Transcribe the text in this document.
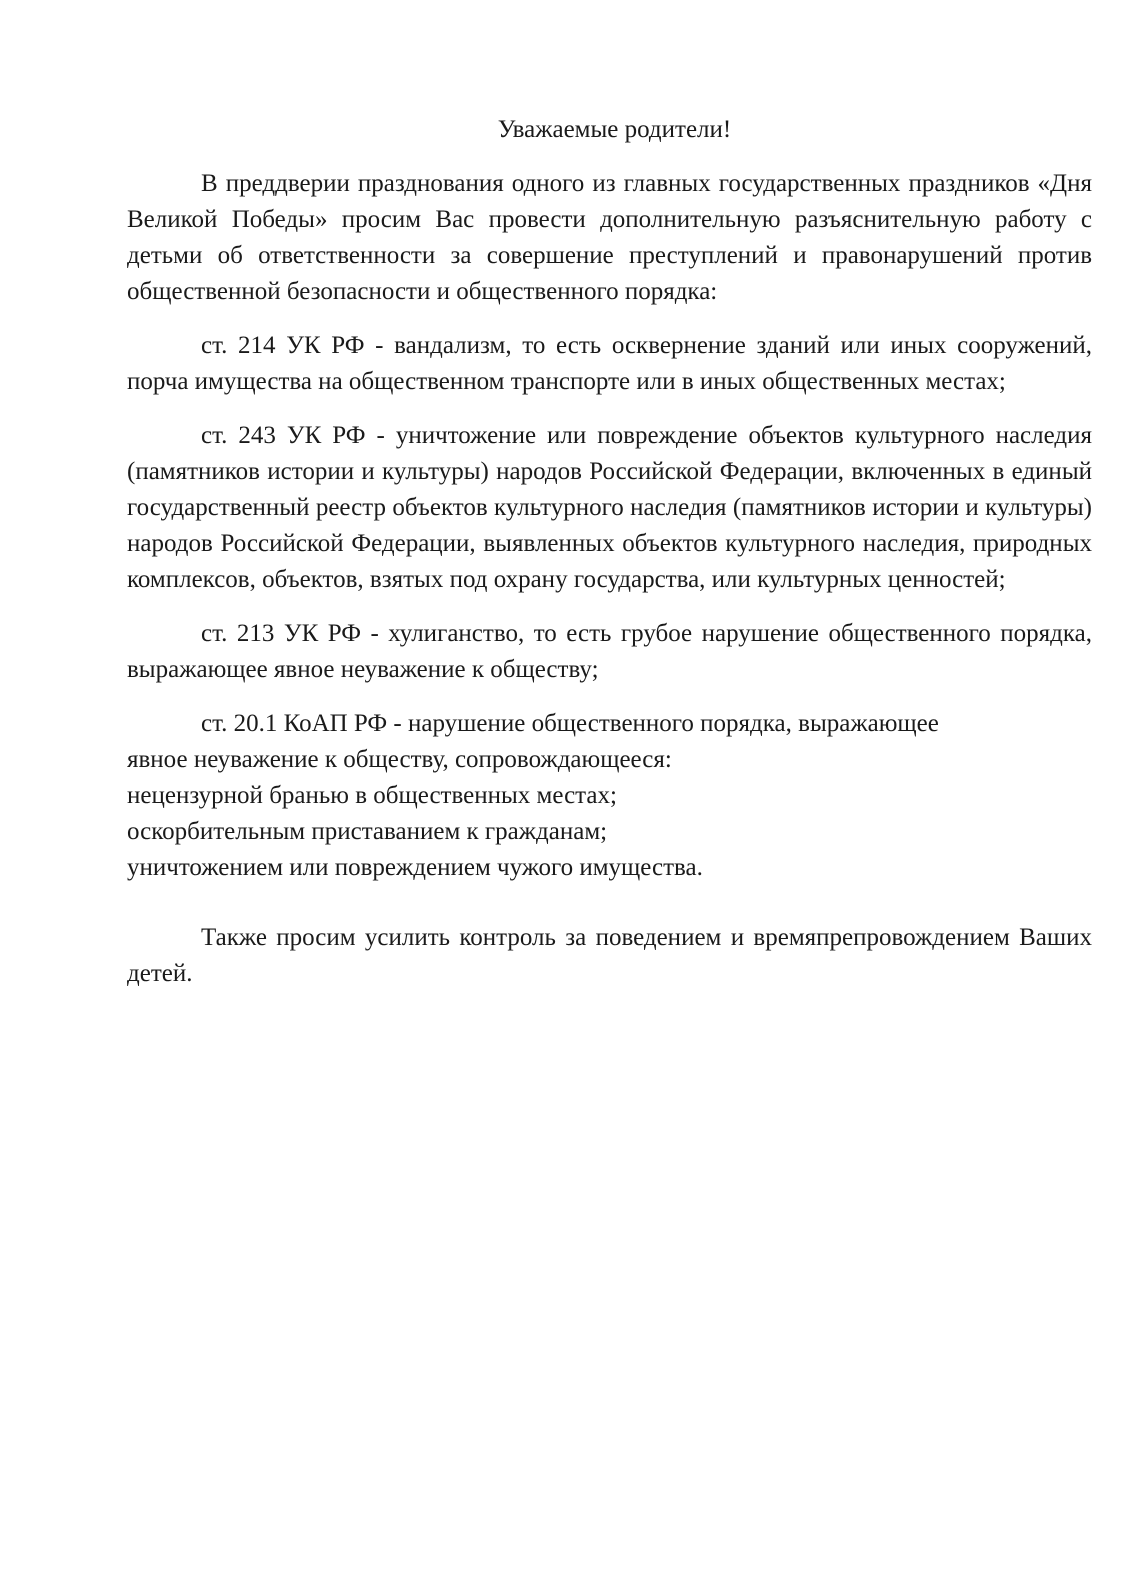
Уважаемые родители!

В преддверии празднования одного из главных государственных праздников «Дня Великой Победы» просим Вас провести дополнительную разъяснительную работу с детьми об ответственности за совершение преступлений и правонарушений против общественной безопасности и общественного порядка:

ст. 214 УК РФ - вандализм, то есть осквернение зданий или иных сооружений, порча имущества на общественном транспорте или в иных общественных местах;

ст. 243 УК РФ - уничтожение или повреждение объектов культурного наследия (памятников истории и культуры) народов Российской Федерации, включенных в единый государственный реестр объектов культурного наследия (памятников истории и культуры) народов Российской Федерации, выявленных объектов культурного наследия, природных комплексов, объектов, взятых под охрану государства, или культурных ценностей;

ст. 213 УК РФ - хулиганство, то есть грубое нарушение общественного порядка, выражающее явное неуважение к обществу;

ст. 20.1 КоАП РФ - нарушение общественного порядка, выражающее

явное неуважение к обществу, сопровождающееся:

нецензурной бранью в общественных местах;

оскорбительным приставанием к гражданам;

уничтожением или повреждением чужого имущества.

Также просим усилить контроль за поведением и времяпрепровождением Ваших детей.
